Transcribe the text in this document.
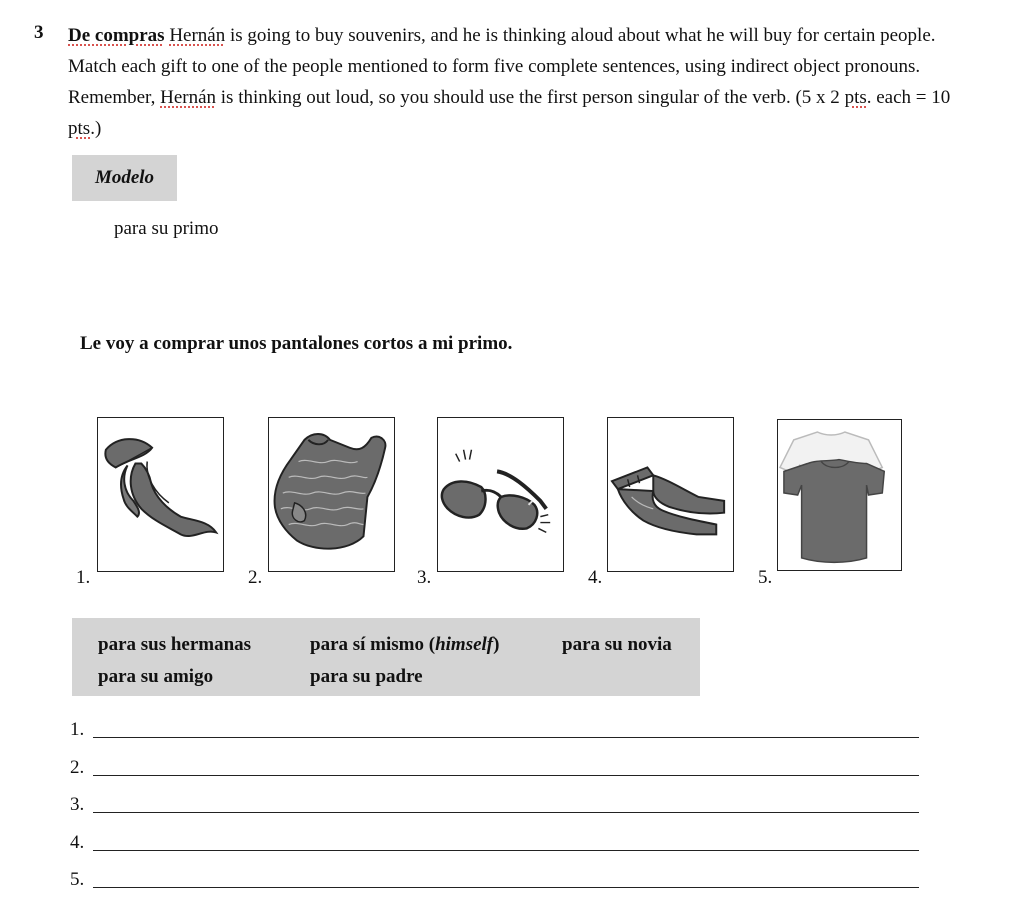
3 De compras Hernán is going to buy souvenirs, and he is thinking aloud about what he will buy for certain people. Match each gift to one of the people mentioned to form five complete sentences, using indirect object pronouns. Remember, Hernán is thinking out loud, so you should use the first person singular of the verb. (5 x 2 pts. each = 10 pts.)
Modelo
para su primo
Le voy a comprar unos pantalones cortos a mi primo.
1.	2.	3.	4.	5.
para sus hermanas	para sí mismo (himself)	para su novia
para su amigo	para su padre
1.
2.
3.
4.
5.
